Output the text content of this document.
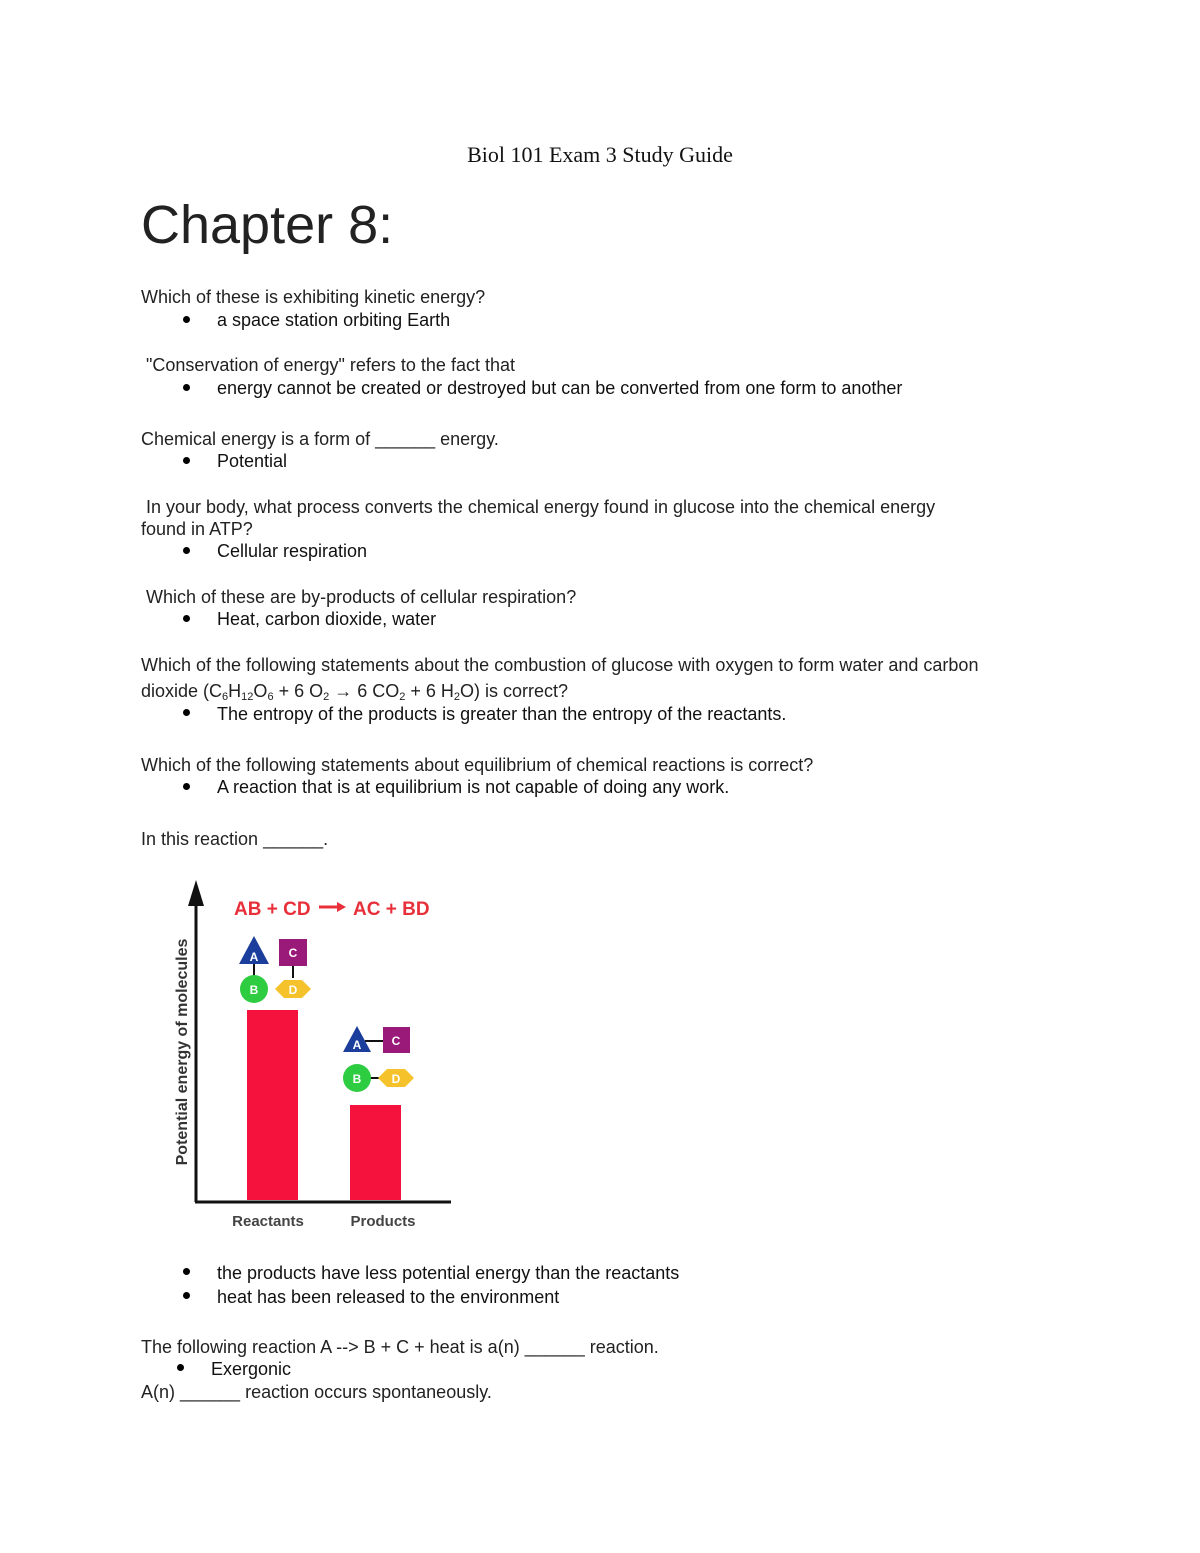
Biol 101 Exam 3 Study Guide
Chapter 8:
Which of these is exhibiting kinetic energy?
a space station orbiting Earth
"Conservation of energy" refers to the fact that
energy cannot be created or destroyed but can be converted from one form to another
Chemical energy is a form of ______ energy.
Potential
In your body, what process converts the chemical energy found in glucose into the chemical energy
found in ATP?
Cellular respiration
Which of these are by-products of cellular respiration?
Heat, carbon dioxide, water
Which of the following statements about the combustion of glucose with oxygen to form water and carbon
dioxide ($C_6H_{12}O_6 + 6$ $O_2 \to 6$ $CO_2 + 6$ $H_2O$) is correct?
The entropy of the products is greater than the entropy of the reactants.
Which of the following statements about equilibrium of chemical reactions is correct?
A reaction that is at equilibrium is not capable of doing any work.
In this reaction ______.
AB + CD AC + BD
Potential energy of molecules
Reactants	Products
A
B
C
D
A	C
B	D
the products have less potential energy than the reactants
heat has been released to the environment
The following reaction A --> B + C + heat is a(n) ______ reaction.
Exergonic
A(n) ______ reaction occurs spontaneously.
